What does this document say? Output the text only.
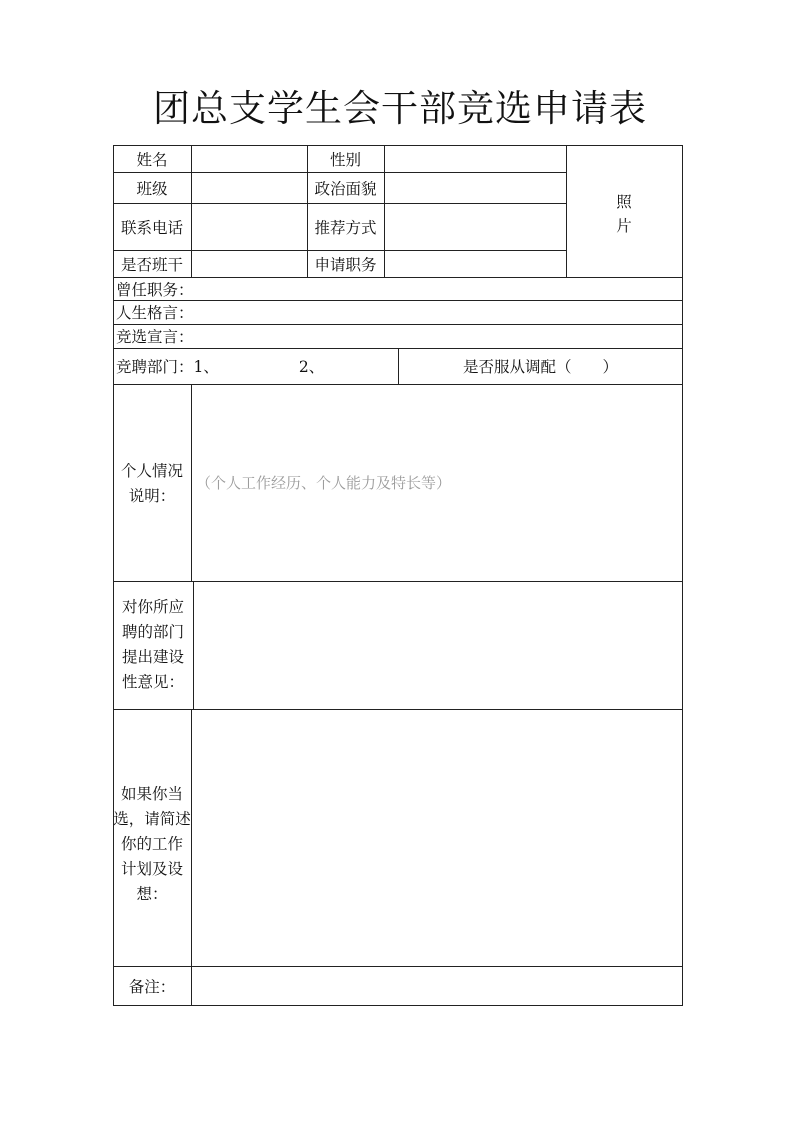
团总支学生会干部竞选申请表
姓名	性别
班级	政治面貌
联系电话	推荐方式
是否班干	申请职务
照
片
曾任职务：
人生格言：
竞选宣言：
竞聘部门：1、	2、	是否服从调配（　　）
个人情况
说明：
（个人工作经历、个人能力及特长等）
对你所应
聘的部门
提出建设
性意见：
如果你当
选，请简述
你的工作
计划及设
想：
备注：
